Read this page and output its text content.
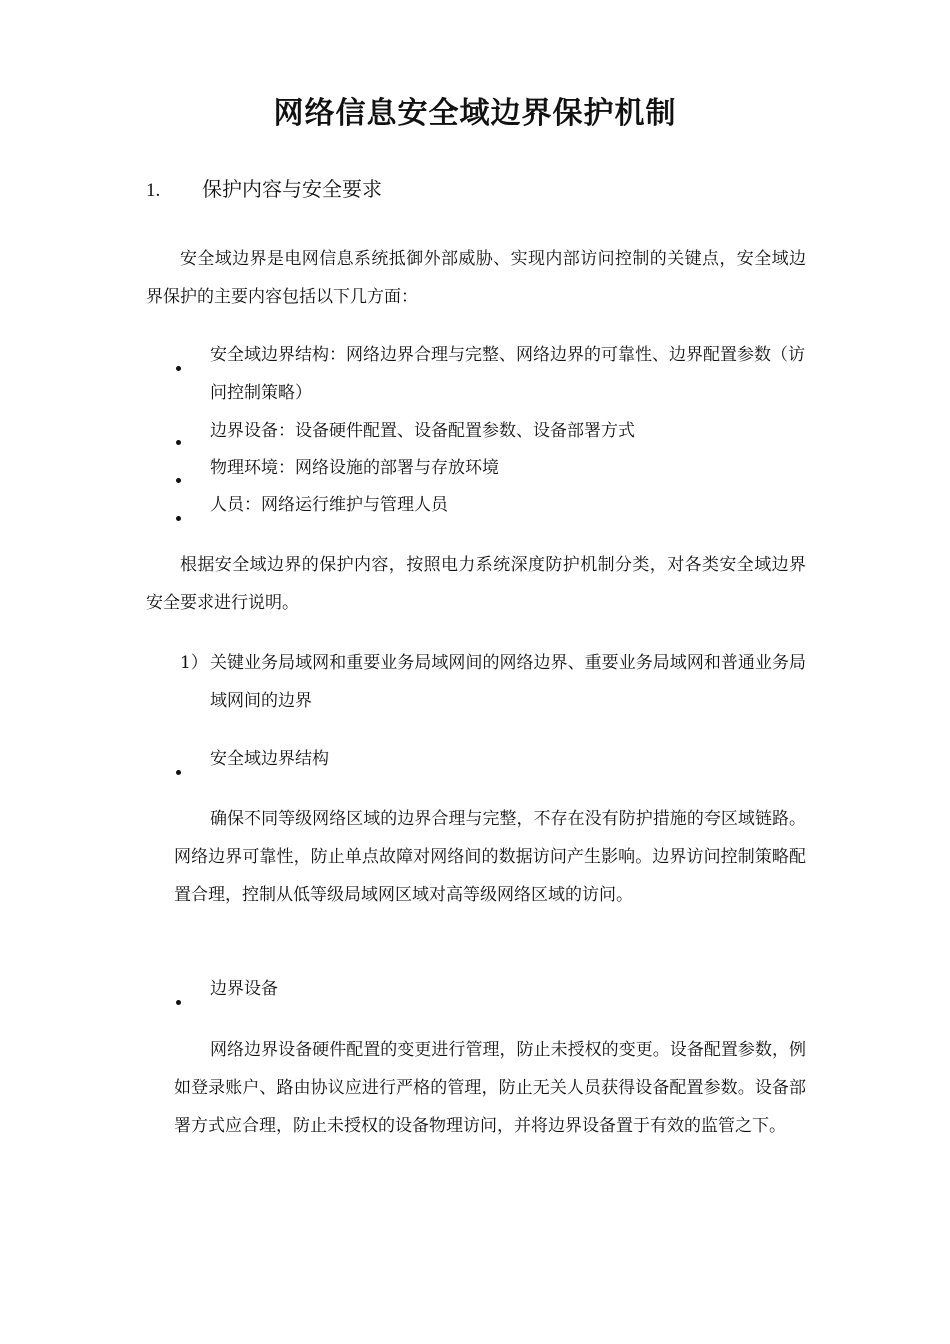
网络信息安全域边界保护机制
1. 保护内容与安全要求
安全域边界是电网信息系统抵御外部威胁、实现内部访问控制的关键点，安全域边界保护的主要内容包括以下几方面：
安全域边界结构：网络边界合理与完整、网络边界的可靠性、边界配置参数（访问控制策略）
边界设备：设备硬件配置、设备配置参数、设备部署方式
物理环境：网络设施的部署与存放环境
人员：网络运行维护与管理人员
根据安全域边界的保护内容，按照电力系统深度防护机制分类，对各类安全域边界安全要求进行说明。
1） 关键业务局域网和重要业务局域网间的网络边界、重要业务局域网和普通业务局域网间的边界
安全域边界结构
确保不同等级网络区域的边界合理与完整，不存在没有防护措施的夸区域链路。网络边界可靠性，防止单点故障对网络间的数据访问产生影响。边界访问控制策略配置合理，控制从低等级局域网区域对高等级网络区域的访问。
边界设备
网络边界设备硬件配置的变更进行管理，防止未授权的变更。设备配置参数，例如登录账户、路由协议应进行严格的管理，防止无关人员获得设备配置参数。设备部署方式应合理，防止未授权的设备物理访问，并将边界设备置于有效的监管之下。
